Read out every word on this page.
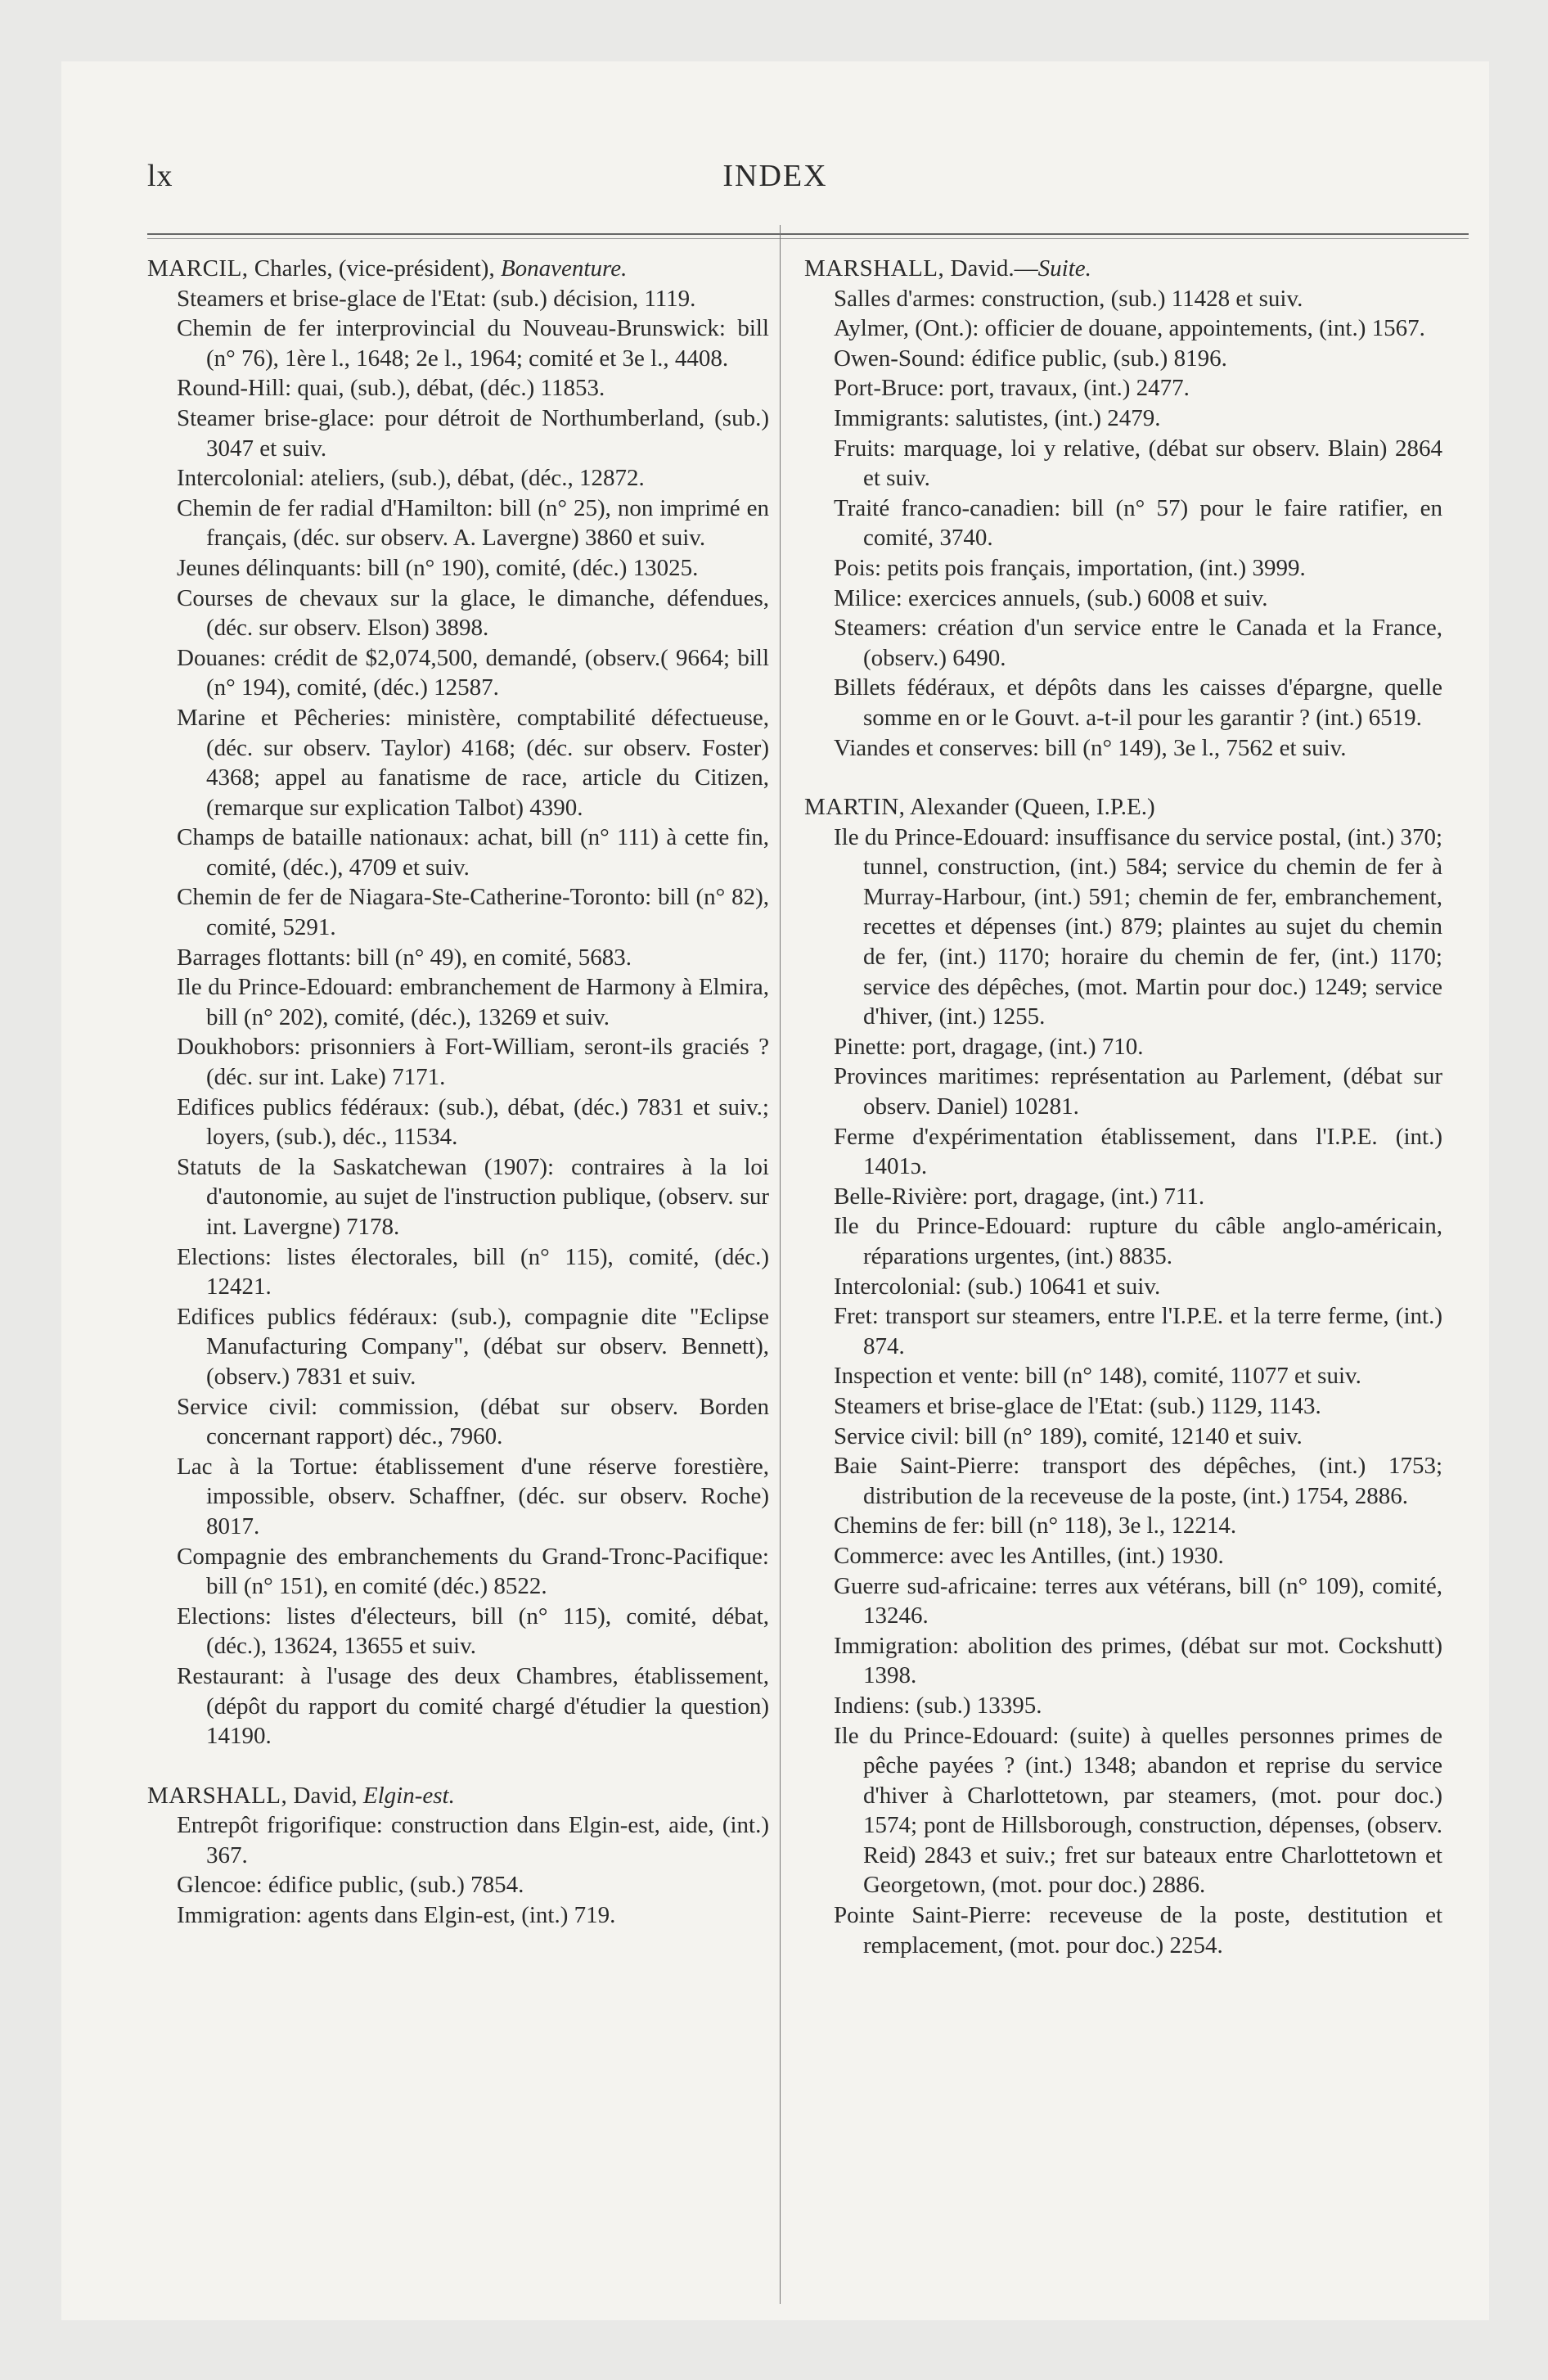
lx	INDEX
MARCIL, Charles, (vice-président), Bonaventure.
Steamers et brise-glace de l'Etat: (sub.) décision, 1119.
Chemin de fer interprovincial du Nouveau-Brunswick: bill (n° 76), 1ère l., 1648; 2e l., 1964; comité et 3e l., 4408.
Round-Hill: quai, (sub.), débat, (déc.) 11853.
Steamer brise-glace: pour détroit de Northumberland, (sub.) 3047 et suiv.
Intercolonial: ateliers, (sub.), débat, (déc., 12872.
Chemin de fer radial d'Hamilton: bill (n° 25), non imprimé en français, (déc. sur observ. A. Lavergne) 3860 et suiv.
Jeunes délinquants: bill (n° 190), comité, (déc.) 13025.
Courses de chevaux sur la glace, le dimanche, défendues, (déc. sur observ. Elson) 3898.
Douanes: crédit de $2,074,500, demandé, (observ.( 9664; bill (n° 194), comité, (déc.) 12587.
Marine et Pêcheries: ministère, comptabilité défectueuse, (déc. sur observ. Taylor) 4168; (déc. sur observ. Foster) 4368; appel au fanatisme de race, article du Citizen, (remarque sur explication Talbot) 4390.
Champs de bataille nationaux: achat, bill (n° 111) à cette fin, comité, (déc.), 4709 et suiv.
Chemin de fer de Niagara-Ste-Catherine-Toronto: bill (n° 82), comité, 5291.
Barrages flottants: bill (n° 49), en comité, 5683.
Ile du Prince-Edouard: embranchement de Harmony à Elmira, bill (n° 202), comité, (déc.), 13269 et suiv.
Doukhobors: prisonniers à Fort-William, seront-ils graciés ? (déc. sur int. Lake) 7171.
Edifices publics fédéraux: (sub.), débat, (déc.) 7831 et suiv.; loyers, (sub.), déc., 11534.
Statuts de la Saskatchewan (1907): contraires à la loi d'autonomie, au sujet de l'instruction publique, (observ. sur int. Lavergne) 7178.
Elections: listes électorales, bill (n° 115), comité, (déc.) 12421.
Edifices publics fédéraux: (sub.), compagnie dite "Eclipse Manufacturing Company", (débat sur observ. Bennett), (observ.) 7831 et suiv.
Service civil: commission, (débat sur observ. Borden concernant rapport) déc., 7960.
Lac à la Tortue: établissement d'une réserve forestière, impossible, observ. Schaffner, (déc. sur observ. Roche) 8017.
Compagnie des embranchements du Grand-Tronc-Pacifique: bill (n° 151), en comité (déc.) 8522.
Elections: listes d'électeurs, bill (n° 115), comité, débat, (déc.), 13624, 13655 et suiv.
Restaurant: à l'usage des deux Chambres, établissement, (dépôt du rapport du comité chargé d'étudier la question) 14190.
MARSHALL, David, Elgin-est.
Entrepôt frigorifique: construction dans Elgin-est, aide, (int.) 367.
Glencoe: édifice public, (sub.) 7854.
Immigration: agents dans Elgin-est, (int.) 719.
MARSHALL, David.—Suite.
Salles d'armes: construction, (sub.) 11428 et suiv.
Aylmer, (Ont.): officier de douane, appointements, (int.) 1567.
Owen-Sound: édifice public, (sub.) 8196.
Port-Bruce: port, travaux, (int.) 2477.
Immigrants: salutistes, (int.) 2479.
Fruits: marquage, loi y relative, (débat sur observ. Blain) 2864 et suiv.
Traité franco-canadien: bill (n° 57) pour le faire ratifier, en comité, 3740.
Pois: petits pois français, importation, (int.) 3999.
Milice: exercices annuels, (sub.) 6008 et suiv.
Steamers: création d'un service entre le Canada et la France, (observ.) 6490.
Billets fédéraux, et dépôts dans les caisses d'épargne, quelle somme en or le Gouvt. a-t-il pour les garantir ? (int.) 6519.
Viandes et conserves: bill (n° 149), 3e l., 7562 et suiv.
MARTIN, Alexander (Queen, I.P.E.)
Ile du Prince-Edouard: insuffisance du service postal, (int.) 370; tunnel, construction, (int.) 584; service du chemin de fer à Murray-Harbour, (int.) 591; chemin de fer, embranchement, recettes et dépenses (int.) 879; plaintes au sujet du chemin de fer, (int.) 1170; horaire du chemin de fer, (int.) 1170; service des dépêches, (mot. Martin pour doc.) 1249; service d'hiver, (int.) 1255.
Pinette: port, dragage, (int.) 710.
Provinces maritimes: représentation au Parlement, (débat sur observ. Daniel) 10281.
Ferme d'expérimentation établissement, dans l'I.P.E. (int.) 1401ɔ.
Belle-Rivière: port, dragage, (int.) 711.
Ile du Prince-Edouard: rupture du câble anglo-américain, réparations urgentes, (int.) 8835.
Intercolonial: (sub.) 10641 et suiv.
Fret: transport sur steamers, entre l'I.P.E. et la terre ferme, (int.) 874.
Inspection et vente: bill (n° 148), comité, 11077 et suiv.
Steamers et brise-glace de l'Etat: (sub.) 1129, 1143.
Service civil: bill (n° 189), comité, 12140 et suiv.
Baie Saint-Pierre: transport des dépêches, (int.) 1753; distribution de la receveuse de la poste, (int.) 1754, 2886.
Chemins de fer: bill (n° 118), 3e l., 12214.
Commerce: avec les Antilles, (int.) 1930.
Guerre sud-africaine: terres aux vétérans, bill (n° 109), comité, 13246.
Immigration: abolition des primes, (débat sur mot. Cockshutt) 1398.
Indiens: (sub.) 13395.
Ile du Prince-Edouard: (suite) à quelles personnes primes de pêche payées ? (int.) 1348; abandon et reprise du service d'hiver à Charlottetown, par steamers, (mot. pour doc.) 1574; pont de Hillsborough, construction, dépenses, (observ. Reid) 2843 et suiv.; fret sur bateaux entre Charlottetown et Georgetown, (mot. pour doc.) 2886.
Pointe Saint-Pierre: receveuse de la poste, destitution et remplacement, (mot. pour doc.) 2254.
